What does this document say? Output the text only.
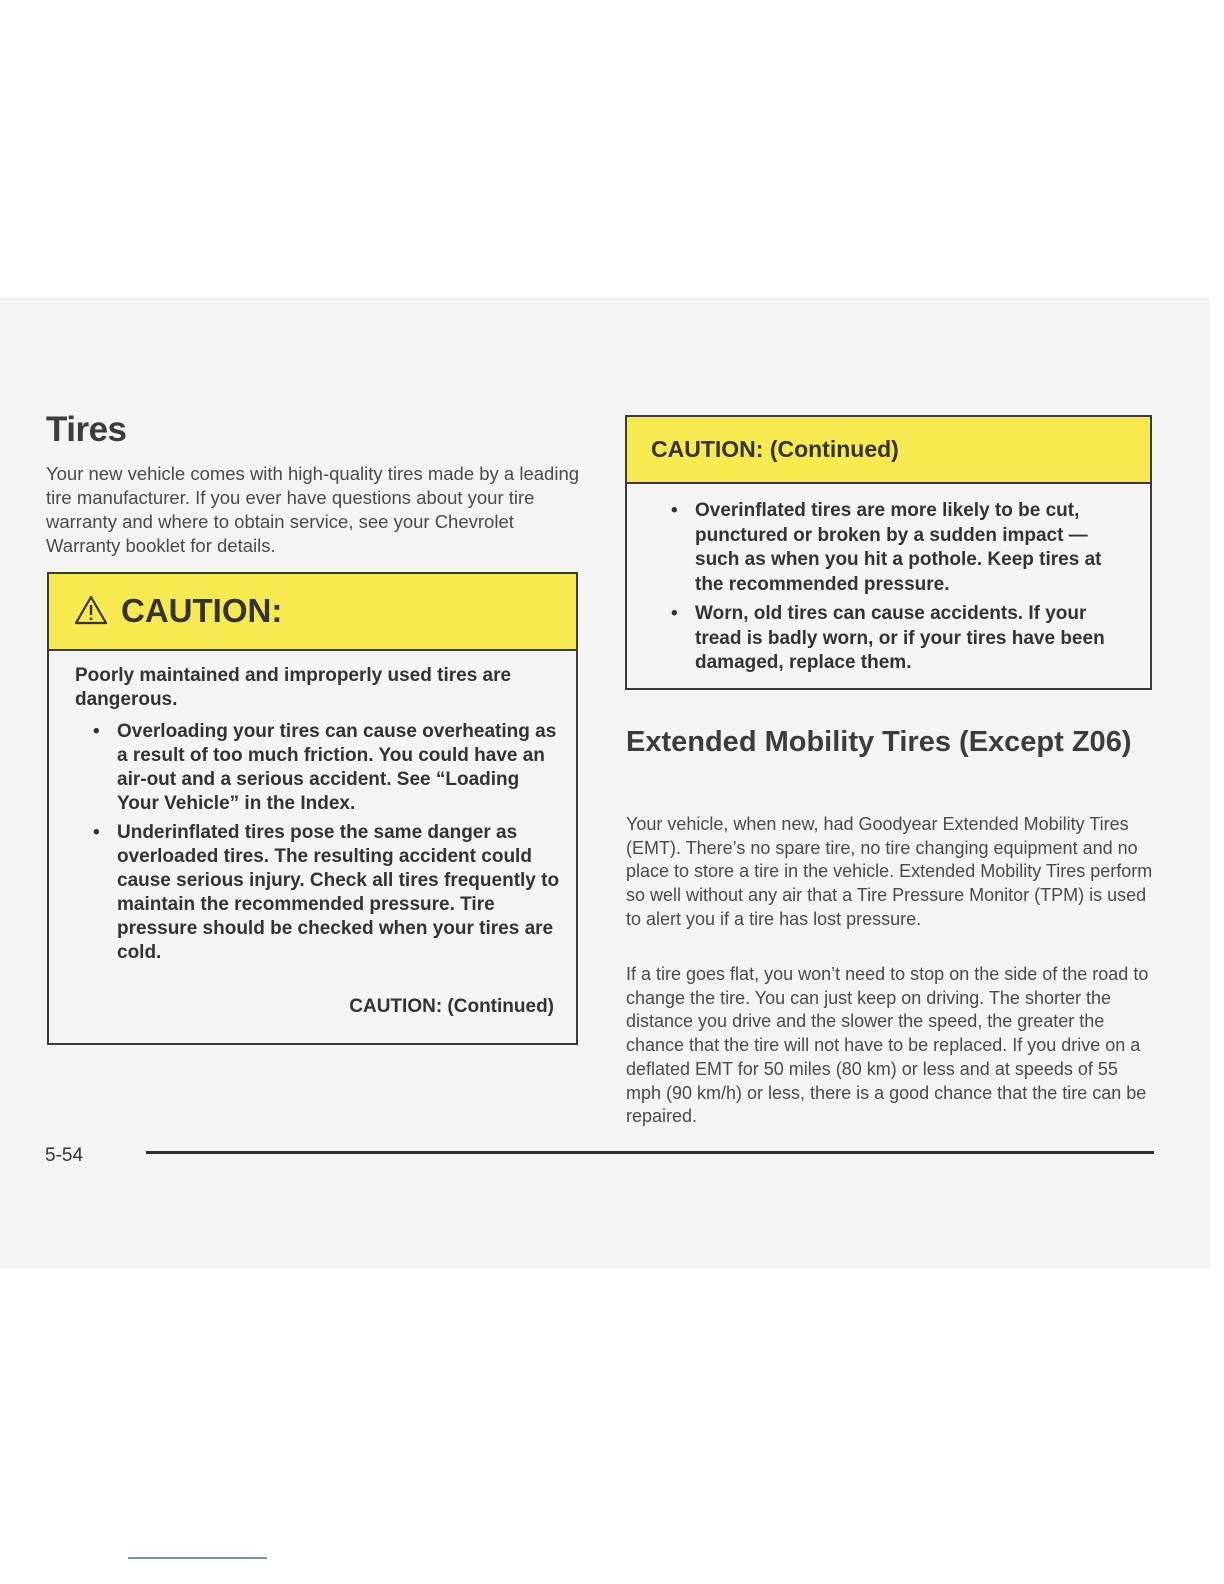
Tires

Your new vehicle comes with high-quality tires made by a leading tire manufacturer. If you ever have questions about your tire warranty and where to obtain service, see your Chevrolet Warranty booklet for details.

CAUTION:

Poorly maintained and improperly used tires are dangerous.

• Overloading your tires can cause overheating as a result of too much friction. You could have an air-out and a serious accident. See “Loading Your Vehicle” in the Index.
• Underinflated tires pose the same danger as overloaded tires. The resulting accident could cause serious injury. Check all tires frequently to maintain the recommended pressure. Tire pressure should be checked when your tires are cold.
CAUTION: (Continued)
CAUTION: (Continued)
• Overinflated tires are more likely to be cut, punctured or broken by a sudden impact — such as when you hit a pothole. Keep tires at the recommended pressure.
• Worn, old tires can cause accidents. If your tread is badly worn, or if your tires have been damaged, replace them.
Extended Mobility Tires (Except Z06)

Your vehicle, when new, had Goodyear Extended Mobility Tires (EMT). There’s no spare tire, no tire changing equipment and no place to store a tire in the vehicle. Extended Mobility Tires perform so well without any air that a Tire Pressure Monitor (TPM) is used to alert you if a tire has lost pressure.

If a tire goes flat, you won’t need to stop on the side of the road to change the tire. You can just keep on driving. The shorter the distance you drive and the slower the speed, the greater the chance that the tire will not have to be replaced. If you drive on a deflated EMT for 50 miles (80 km) or less and at speeds of 55 mph (90 km/h) or less, there is a good chance that the tire can be repaired.

5-54
